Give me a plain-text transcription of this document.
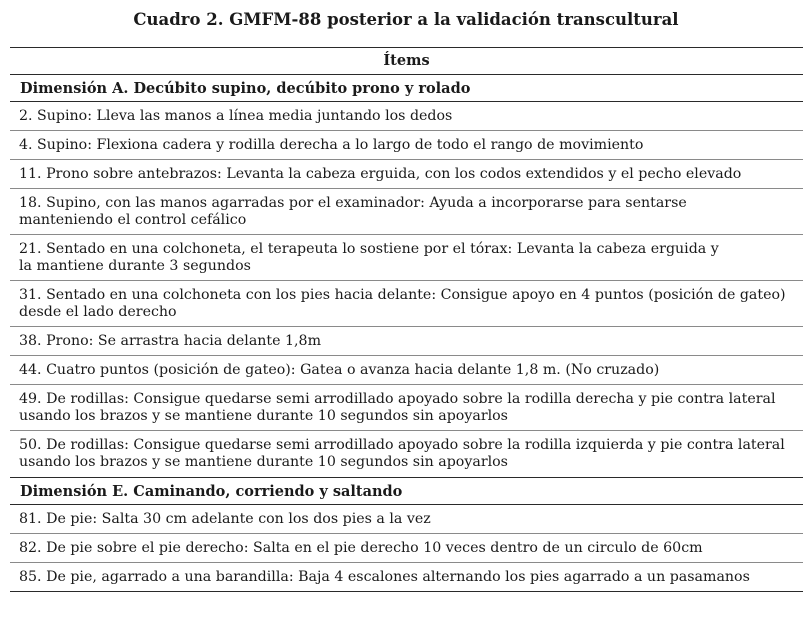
Cuadro 2. GMFM-88 posterior a la validación transcultural
Ítems
Dimensión A. Decúbito supino, decúbito prono y rolado
2. Supino: Lleva las manos a línea media juntando los dedos
4. Supino: Flexiona cadera y rodilla derecha a lo largo de todo el rango de movimiento
11. Prono sobre antebrazos: Levanta la cabeza erguida, con los codos extendidos y el pecho elevado
18. Supino, con las manos agarradas por el examinador: Ayuda a incorporarse para sentarse
manteniendo el control cefálico
21. Sentado en una colchoneta, el terapeuta lo sostiene por el tórax: Levanta la cabeza erguida y
la mantiene durante 3 segundos
31. Sentado en una colchoneta con los pies hacia delante: Consigue apoyo en 4 puntos (posición de gateo)
desde el lado derecho
38. Prono: Se arrastra hacia delante 1,8m
44. Cuatro puntos (posición de gateo): Gatea o avanza hacia delante 1,8 m. (No cruzado)
49. De rodillas: Consigue quedarse semi arrodillado apoyado sobre la rodilla derecha y pie contra lateral
usando los brazos y se mantiene durante 10 segundos sin apoyarlos
50. De rodillas: Consigue quedarse semi arrodillado apoyado sobre la rodilla izquierda y pie contra lateral
usando los brazos y se mantiene durante 10 segundos sin apoyarlos
Dimensión E. Caminando, corriendo y saltando
81. De pie: Salta 30 cm adelante con los dos pies a la vez
82. De pie sobre el pie derecho: Salta en el pie derecho 10 veces dentro de un circulo de 60cm
85. De pie, agarrado a una barandilla: Baja 4 escalones alternando los pies agarrado a un pasamanos
